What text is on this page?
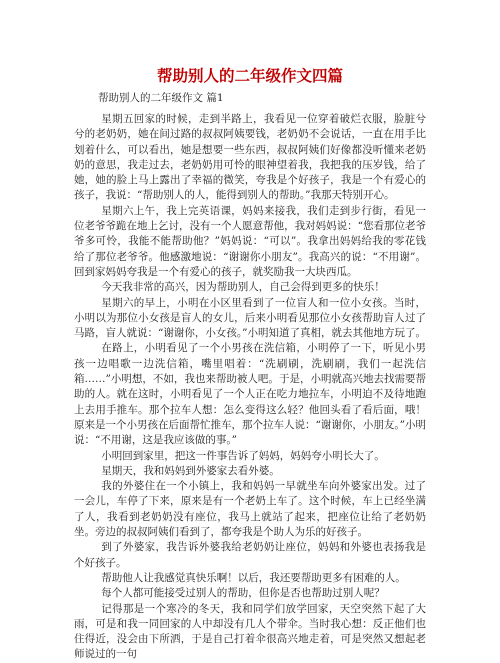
帮助别人的二年级作文四篇
帮助别人的二年级作文 篇1

星期五回家的时候，走到半路上，我看见一位穿着破烂衣服，脸脏兮兮的老奶奶，她在间过路的叔叔阿姨要钱，老奶奶不会说话，一直在用手比划着什么，可以看出，她是想要一些东西，叔叔阿姨们好像都没听懂来老奶奶的意思，我走过去，老奶奶用可怜的眼神望着我，我把我的压岁钱，给了她，她的脸上马上露出了幸福的微笑，夸我是个好孩子，我是一个有爱心的孩子，我说：“帮助别人的人，能得到别人的帮助。”我那天特别开心。

星期六上午，我上完英语课，妈妈来接我，我们走到步行街，看见一位老爷爷跪在地上乞讨，没有一个人愿意帮他，我对妈妈说：“您看那位老爷爷多可怜，我能不能帮助他？”妈妈说：“可以”。我拿出妈妈给我的零花钱给了那位老爷爷。他感激地说：“谢谢你小朋友”。我高兴的说：“不用谢”。回到家妈妈夸我是一个有爱心的孩子，就奖励我一大块西瓜。

今天我非常的高兴，因为帮助别人，自己会得到更多的快乐！

星期六的早上，小明在小区里看到了一位盲人和一位小女孩。当时，小明以为那位小女孩是盲人的女儿，后来小明看见那位小女孩帮助盲人过了马路，盲人就说：“谢谢你，小女孩。”小明知道了真相，就去其他地方玩了。

在路上，小明看见了一个小男孩在洗信箱，小明停了一下，听见小男孩一边唱歌一边洗信箱，嘴里唱着：“洗刷刷，洗刷刷，我们一起洗信箱……”小明想，不如，我也来帮助被人吧。于是，小明就高兴地去找需要帮助的人。就在这时，小明看见了一个人正在吃力地拉车，小明迫不及待地跑上去用手推车。那个拉车人想：怎么变得这么轻？他回头看了看后面，哦！原来是一个小男孩在后面帮忙推车，那个拉车人说：“谢谢你，小朋友。”小明说：“不用谢，这是我应该做的事。”

小明回到家里，把这一件事告诉了妈妈，妈妈夸小明长大了。

星期天，我和妈妈到外婆家去看外婆。

我的外婆住在一个小镇上，我和妈妈一早就坐车向外婆家出发。过了一会儿，车停了下来，原来是有一个老奶上车了。这个时候，车上已经坐满了人，我看到老奶奶没有座位，我马上就站了起来，把座位让给了老奶奶坐。旁边的叔叔阿姨们看到了，都夸我是个助人为乐的好孩子。

到了外婆家，我告诉外婆我给老奶奶让座位，妈妈和外婆也表扬我是个好孩子。

帮助他人让我感觉真快乐啊！以后，我还要帮助更多有困难的人。

每个人都可能接受过别人的帮助，但你是否也帮助过别人呢？

记得那是一个寒冷的冬天，我和同学们放学回家，天空突然下起了大雨，可是和我一同回家的人中却没有几人个带伞。当时我心想：反正他们也住得近，没会由下所洒，于是自己打着伞很高兴地走着，可是突然又想起老师说过的一句
